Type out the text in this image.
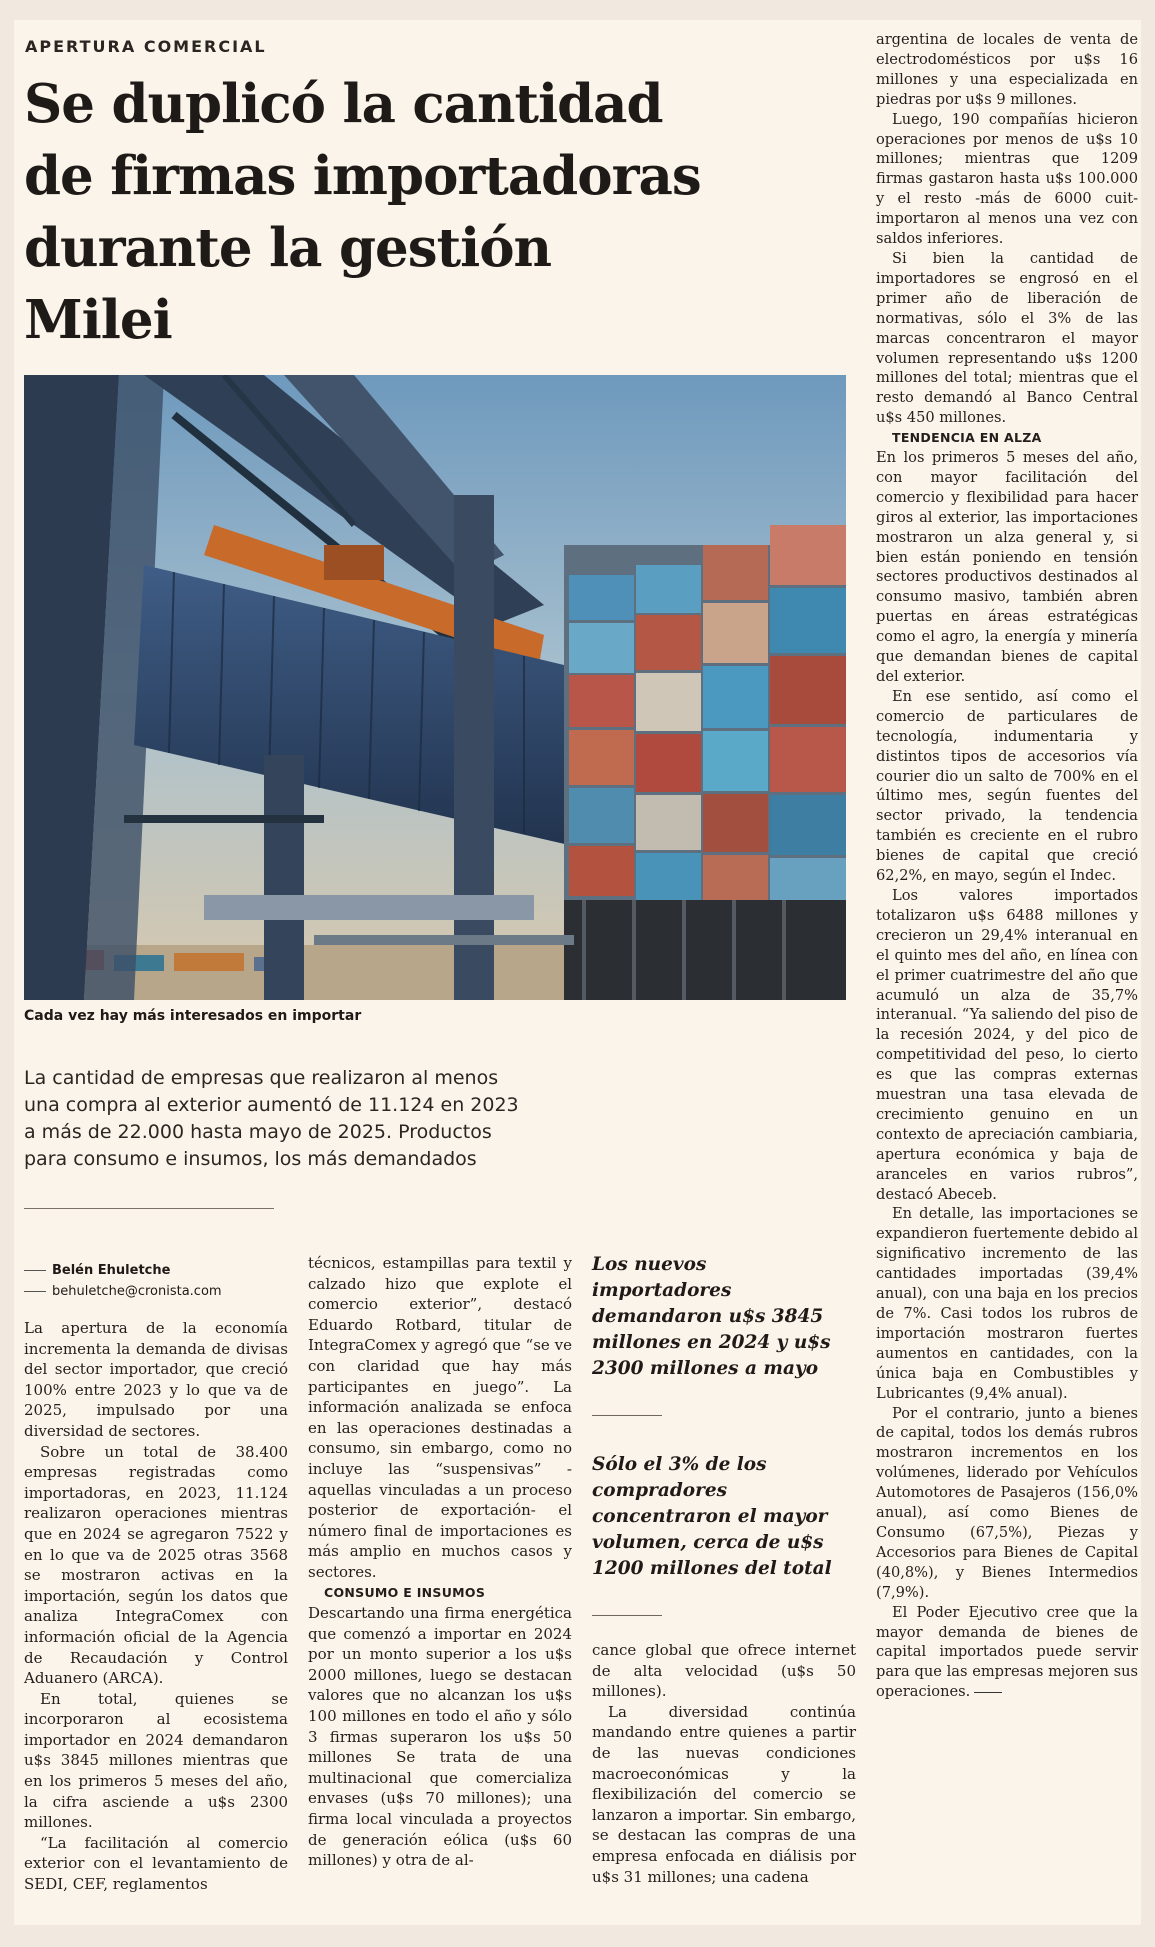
APERTURA COMERCIAL
Se duplicó la cantidad de firmas importadoras durante la gestión Milei
Cada vez hay más interesados en importar

La cantidad de empresas que realizaron al menos una compra al exterior aumentó de 11.124 en 2023 a más de 22.000 hasta mayo de 2025. Productos para consumo e insumos, los más demandados

Belén Ehuletche
behuletche@cronista.com

La apertura de la economía incrementa la demanda de divisas del sector importador, que creció 100% entre 2023 y lo que va de 2025, impulsado por una diversidad de sectores.

Sobre un total de 38.400 empresas registradas como importadoras, en 2023, 11.124 realizaron operaciones mientras que en 2024 se agregaron 7522 y en lo que va de 2025 otras 3568 se mostraron activas en la importación, según los datos que analiza IntegraComex con información oficial de la Agencia de Recaudación y Control Aduanero (ARCA).

En total, quienes se incorporaron al ecosistema importador en 2024 demandaron u$s 3845 millones mientras que en los primeros 5 meses del año, la cifra asciende a u$s 2300 millones.

“La facilitación al comercio exterior con el levantamiento de SEDI, CEF, reglamentos

técnicos, estampillas para textil y calzado hizo que explote el comercio exterior”, destacó Eduardo Rotbard, titular de IntegraComex y agregó que “se ve con claridad que hay más participantes en juego”. La información analizada se enfoca en las operaciones destinadas a consumo, sin embargo, como no incluye las “suspensivas” -aquellas vinculadas a un proceso posterior de exportación- el número final de importaciones es más amplio en muchos casos y sectores.

CONSUMO E INSUMOS

Descartando una firma energética que comenzó a importar en 2024 por un monto superior a los u$s 2000 millones, luego se destacan valores que no alcanzan los u$s 100 millones en todo el año y sólo 3 firmas superaron los u$s 50 millones Se trata de una multinacional que comercializa envases (u$s 70 millones); una firma local vinculada a proyectos de generación eólica (u$s 60 millones) y otra de al-

Los nuevos importadores demandaron u$s 3845 millones en 2024 y u$s 2300 millones a mayo

Sólo el 3% de los compradores concentraron el mayor volumen, cerca de u$s 1200 millones del total

cance global que ofrece internet de alta velocidad (u$s 50 millones).

La diversidad continúa mandando entre quienes a partir de las nuevas condiciones macroeconómicas y la flexibilización del comercio se lanzaron a importar. Sin embargo, se destacan las compras de una empresa enfocada en diálisis por u$s 31 millones; una cadena

argentina de locales de venta de electrodomésticos por u$s 16 millones y una especializada en piedras por u$s 9 millones.

Luego, 190 compañías hicieron operaciones por menos de u$s 10 millones; mientras que 1209 firmas gastaron hasta u$s 100.000 y el resto -más de 6000 cuit- importaron al menos una vez con saldos inferiores.

Si bien la cantidad de importadores se engrosó en el primer año de liberación de normativas, sólo el 3% de las marcas concentraron el mayor volumen representando u$s 1200 millones del total; mientras que el resto demandó al Banco Central u$s 450 millones.

TENDENCIA EN ALZA

En los primeros 5 meses del año, con mayor facilitación del comercio y flexibilidad para hacer giros al exterior, las importaciones mostraron un alza general y, si bien están poniendo en tensión sectores productivos destinados al consumo masivo, también abren puertas en áreas estratégicas como el agro, la energía y minería que demandan bienes de capital del exterior.

En ese sentido, así como el comercio de particulares de tecnología, indumentaria y distintos tipos de accesorios vía courier dio un salto de 700% en el último mes, según fuentes del sector privado, la tendencia también es creciente en el rubro bienes de capital que creció 62,2%, en mayo, según el Indec.

Los valores importados totalizaron u$s 6488 millones y crecieron un 29,4% interanual en el quinto mes del año, en línea con el primer cuatrimestre del año que acumuló un alza de 35,7% interanual. “Ya saliendo del piso de la recesión 2024, y del pico de competitividad del peso, lo cierto es que las compras externas muestran una tasa elevada de crecimiento genuino en un contexto de apreciación cambiaria, apertura económica y baja de aranceles en varios rubros”, destacó Abeceb.

En detalle, las importaciones se expandieron fuertemente debido al significativo incremento de las cantidades importadas (39,4% anual), con una baja en los precios de 7%. Casi todos los rubros de importación mostraron fuertes aumentos en cantidades, con la única baja en Combustibles y Lubricantes (9,4% anual).

Por el contrario, junto a bienes de capital, todos los demás rubros mostraron incrementos en los volúmenes, liderado por Vehículos Automotores de Pasajeros (156,0% anual), así como Bienes de Consumo (67,5%), Piezas y Accesorios para Bienes de Capital (40,8%), y Bienes Intermedios (7,9%).

El Poder Ejecutivo cree que la mayor demanda de bienes de capital importados puede servir para que las empresas mejoren sus operaciones.
